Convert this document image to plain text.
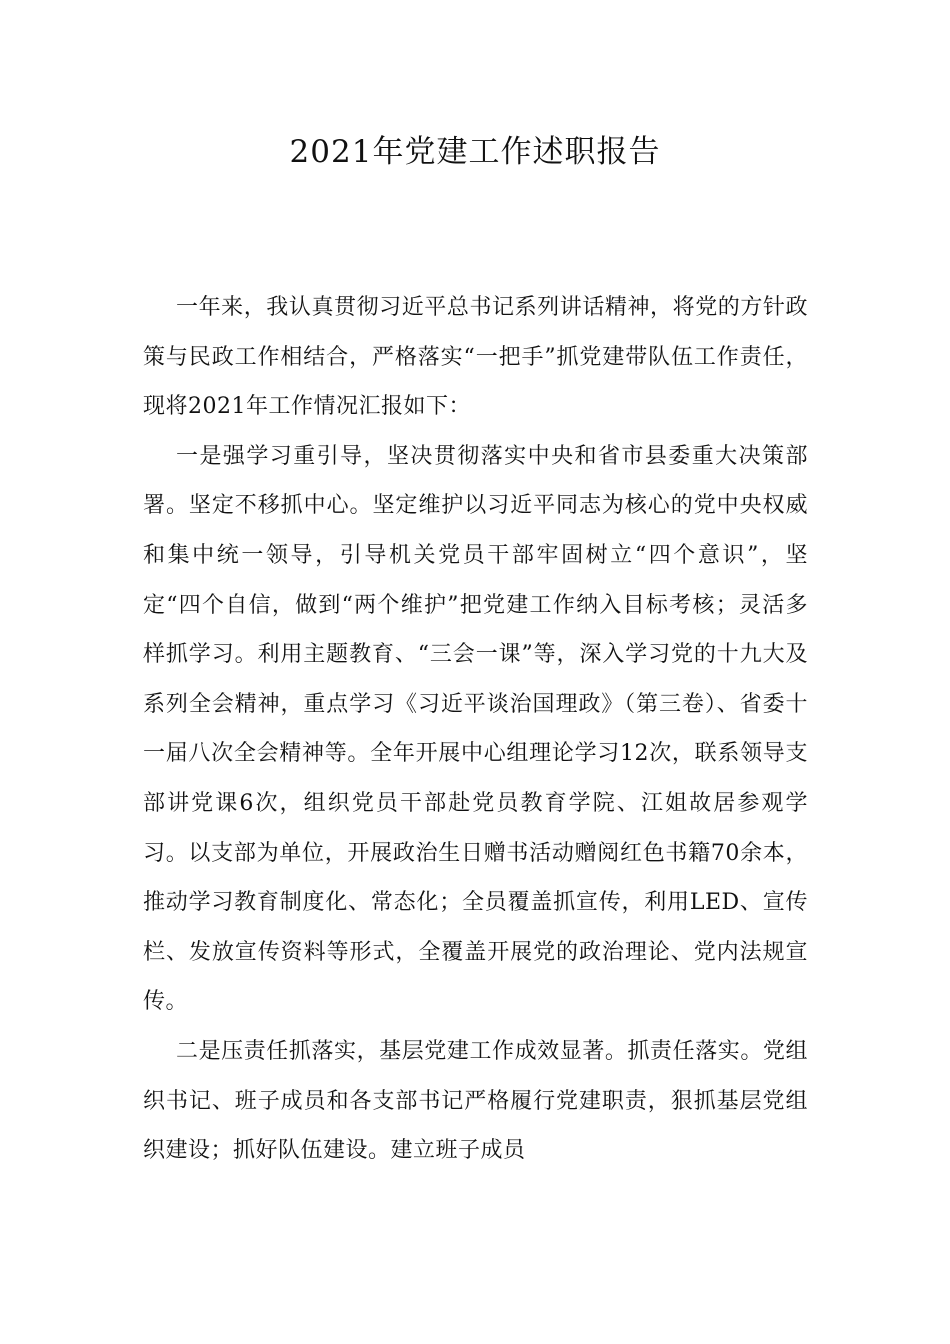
2021年党建工作述职报告

一年来，我认真贯彻习近平总书记系列讲话精神，将党的方针政策与民政工作相结合，严格落实“一把手”抓党建带队伍工作责任，现将2021年工作情况汇报如下：

一是强学习重引导，坚决贯彻落实中央和省市县委重大决策部署。坚定不移抓中心。坚定维护以习近平同志为核心的党中央权威和集中统一领导，引导机关党员干部牢固树立“四个意识”，坚定“四个自信，做到“两个维护”把党建工作纳入目标考核；灵活多样抓学习。利用主题教育、“三会一课”等，深入学习党的十九大及系列全会精神，重点学习《习近平谈治国理政》（第三卷）、省委十一届八次全会精神等。全年开展中心组理论学习12次，联系领导支部讲党课6次，组织党员干部赴党员教育学院、江姐故居参观学习。以支部为单位，开展政治生日赠书活动赠阅红色书籍70余本，推动学习教育制度化、常态化；全员覆盖抓宣传，利用LED、宣传栏、发放宣传资料等形式，全覆盖开展党的政治理论、党内法规宣传。

二是压责任抓落实，基层党建工作成效显著。抓责任落实。党组织书记、班子成员和各支部书记严格履行党建职责，狠抓基层党组织建设；抓好队伍建设。建立班子成员
